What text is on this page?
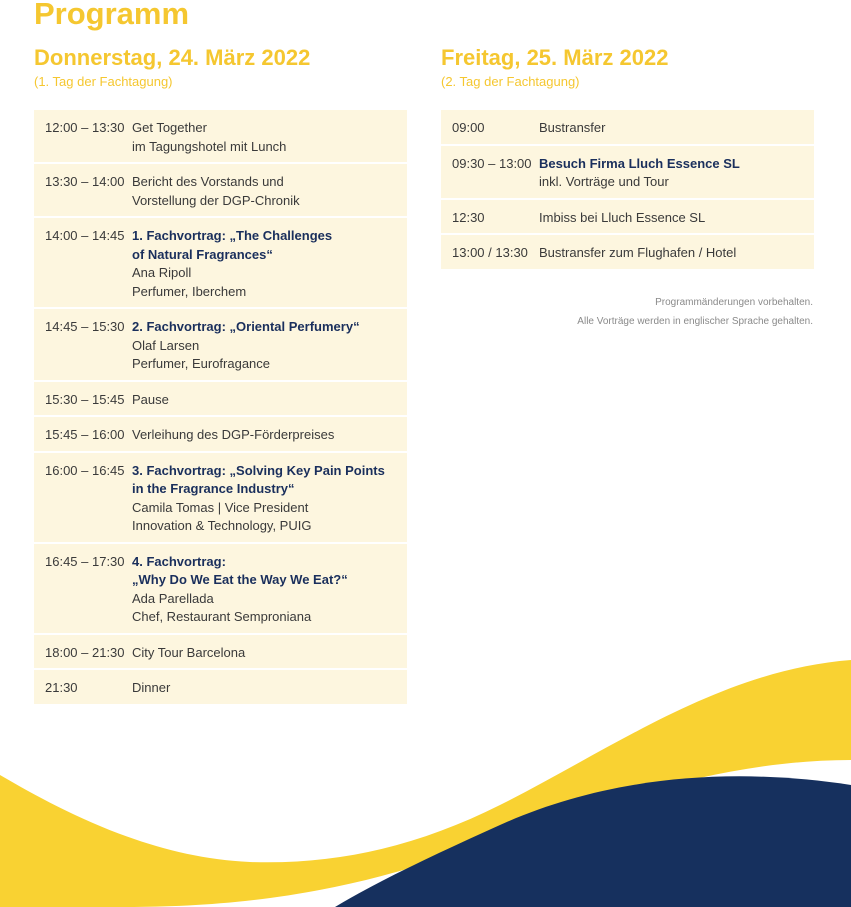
Programm
Donnerstag, 24. März 2022
(1. Tag der Fachtagung)
12:00 – 13:30 Get Together
im Tagungshotel mit Lunch
13:30 – 14:00 Bericht des Vorstands und
Vorstellung der DGP-Chronik
14:00 – 14:45 1. Fachvortrag: „The Challenges
of Natural Fragrances“
Ana Ripoll
Perfumer, Iberchem
14:45 – 15:30 2. Fachvortrag: „Oriental Perfumery“
Olaf Larsen
Perfumer, Eurofragance
15:30 – 15:45 Pause
15:45 – 16:00 Verleihung des DGP-Förderpreises
16:00 – 16:45 3. Fachvortrag: „Solving Key Pain Points
in the Fragrance Industry“
Camila Tomas | Vice President
Innovation & Technology, PUIG
16:45 – 17:30 4. Fachvortrag:
„Why Do We Eat the Way We Eat?“
Ada Parellada
Chef, Restaurant Semproniana
18:00 – 21:30 City Tour Barcelona
21:30	Dinner
Freitag, 25. März 2022
(2. Tag der Fachtagung)
09:00	Bustransfer
09:30 – 13:00 Besuch Firma Lluch Essence SL
inkl. Vorträge und Tour
12:30	Imbiss bei Lluch Essence SL
13:00 / 13:30 Bustransfer zum Flughafen / Hotel
Programmänderungen vorbehalten.
Alle Vorträge werden in englischer Sprache gehalten.
